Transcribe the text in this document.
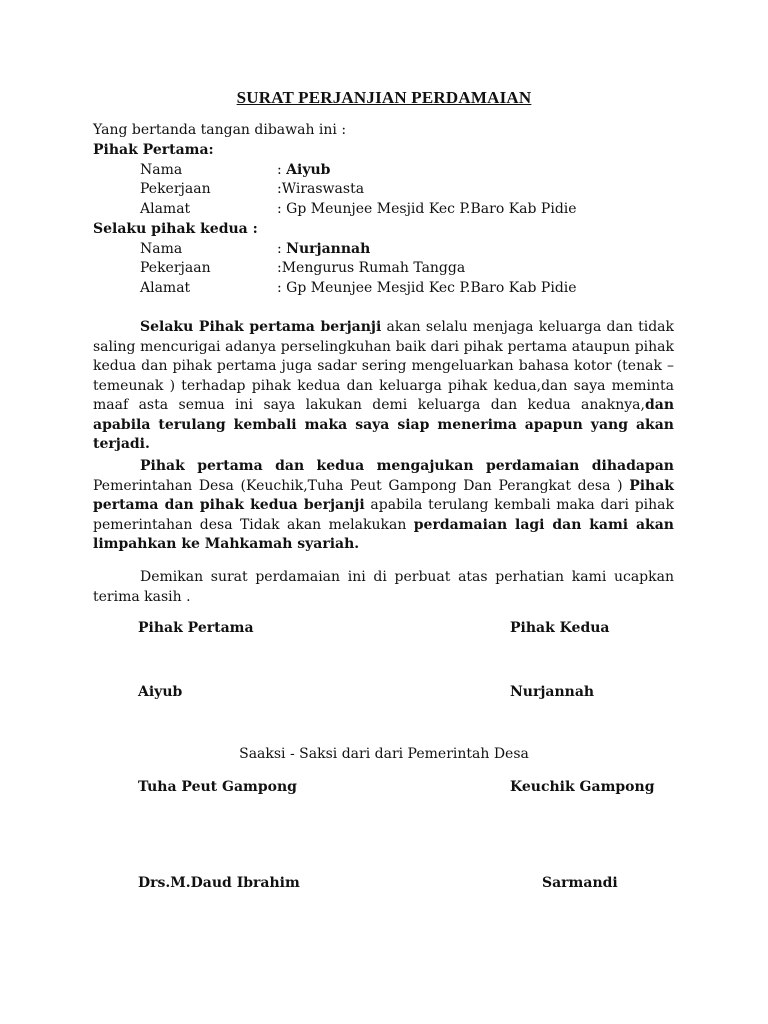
SURAT PERJANJIAN PERDAMAIAN
Yang bertanda tangan dibawah ini :
Pihak Pertama:
Nama	: Aiyub
Pekerjaan	:Wiraswasta
Alamat	: Gp Meunjee Mesjid Kec P.Baro Kab Pidie
Selaku pihak kedua :
Nama	: Nurjannah
Pekerjaan	:Mengurus Rumah Tangga
Alamat	: Gp Meunjee Mesjid Kec P.Baro Kab Pidie
Selaku Pihak pertama berjanji akan selalu menjaga keluarga dan tidak saling mencurigai adanya perselingkuhan baik dari pihak pertama ataupun pihak kedua dan pihak pertama juga sadar sering mengeluarkan bahasa kotor (tenak – temeunak ) terhadap pihak kedua dan keluarga pihak kedua,dan saya meminta maaf asta semua ini saya lakukan demi keluarga dan kedua anaknya,dan apabila terulang kembali maka saya siap menerima apapun yang akan terjadi.
Pihak pertama dan kedua mengajukan perdamaian dihadapan Pemerintahan Desa (Keuchik,Tuha Peut Gampong Dan Perangkat desa ) Pihak pertama dan pihak kedua berjanji apabila terulang kembali maka dari pihak pemerintahan desa Tidak akan melakukan perdamaian lagi dan kami akan limpahkan ke Mahkamah syariah.
Demikan surat perdamaian ini di perbuat atas perhatian kami ucapkan terima kasih .
Pihak Pertama	Pihak Kedua
Aiyub	Nurjannah
Saaksi - Saksi dari dari Pemerintah Desa
Tuha Peut Gampong	Keuchik Gampong
Drs.M.Daud Ibrahim	Sarmandi
